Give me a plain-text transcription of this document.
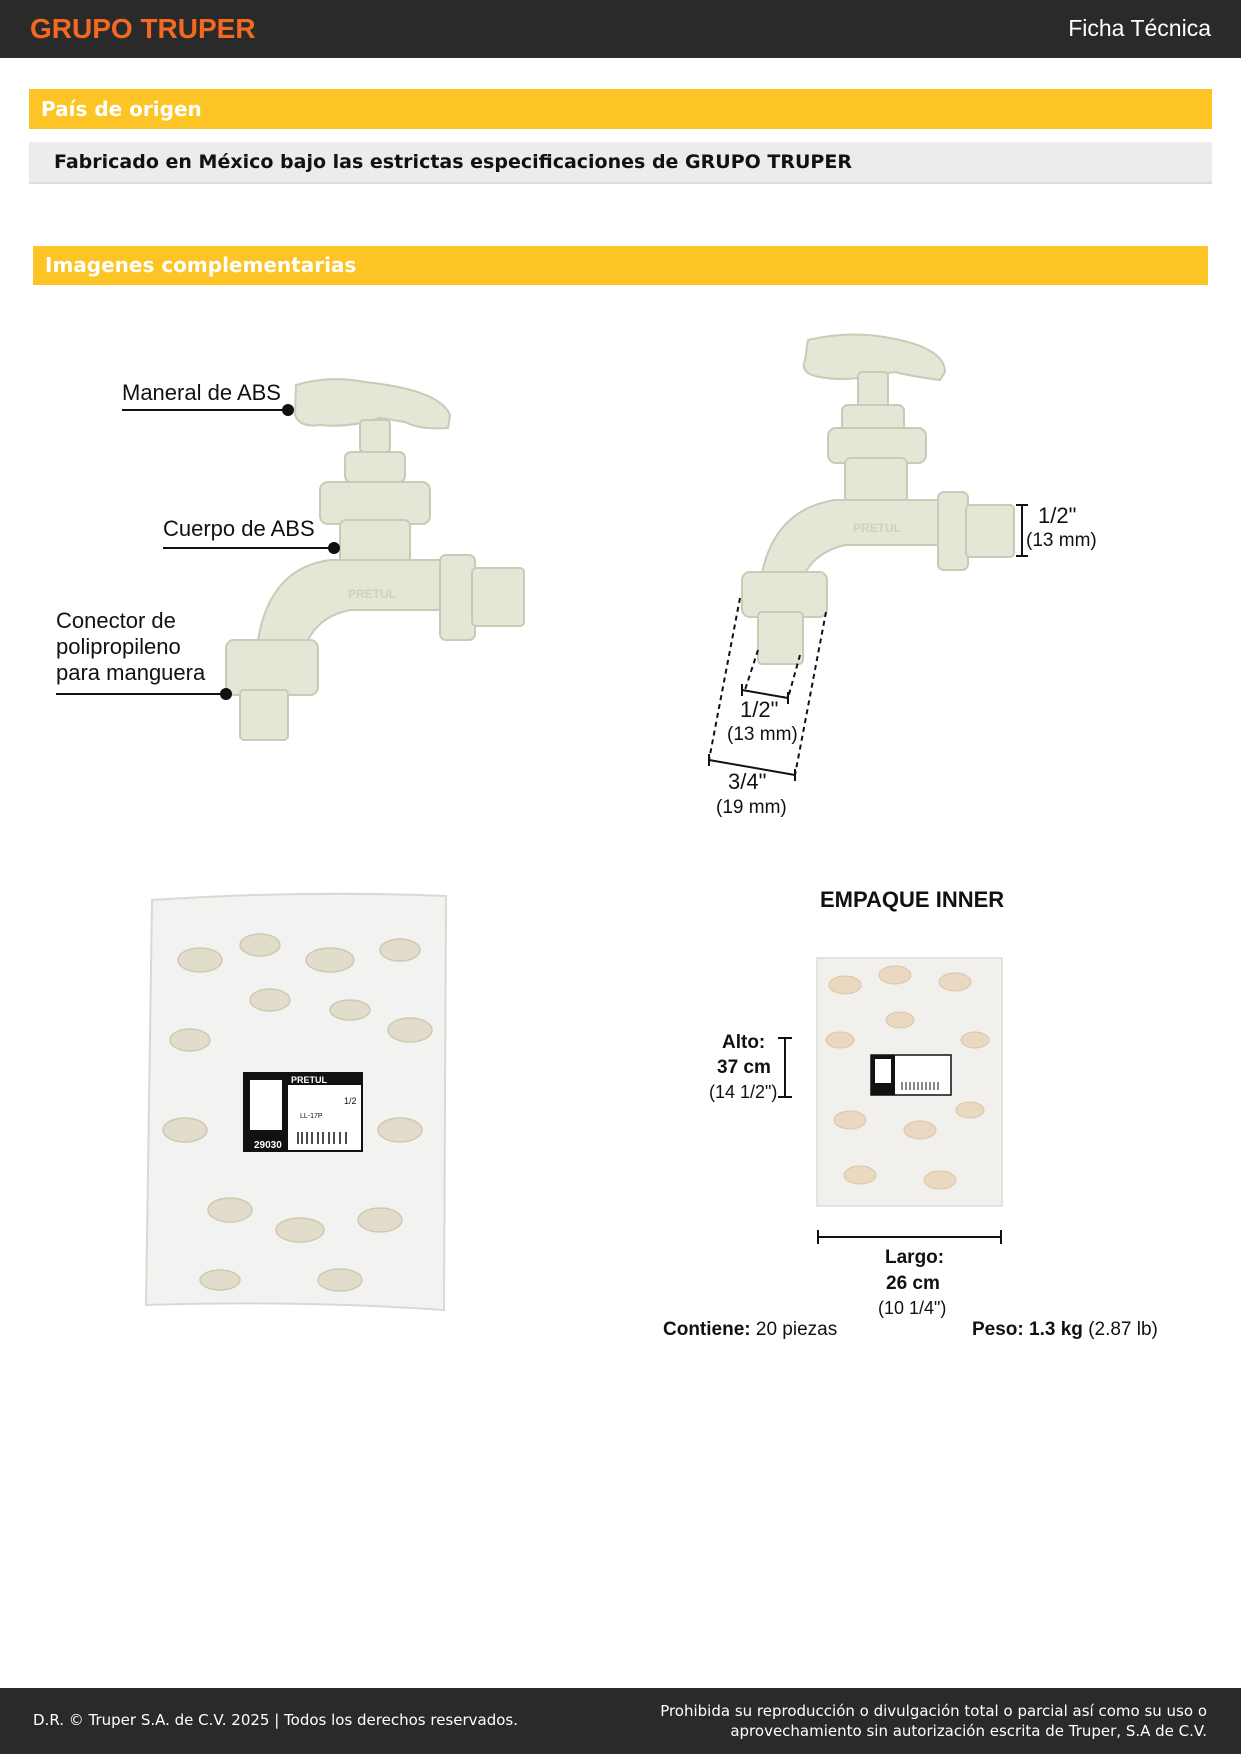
GRUPO TRUPER	Ficha Técnica
País de origen
Fabricado en México bajo las estrictas especificaciones de GRUPO TRUPER
Imagenes complementarias
PRETUL
Maneral de ABS
Cuerpo de ABS
Conector de
polipropileno
para manguera
PRETUL	1/2"
(13 mm)
1/2"
(13 mm)
3/4"
(19 mm)
PRETUL
29030
1/2
LL-17P
EMPAQUE INNER
Alto:
37 cm
(14 1/2")
Largo:
26 cm
(10 1/4")
Contiene: 20 piezas	Peso: 1.3 kg (2.87 lb)
D.R. © Truper S.A. de C.V. 2025 | Todos los derechos reservados.	Prohibida su reproducción o divulgación total o parcial así como su uso o
aprovechamiento sin autorización escrita de Truper, S.A de C.V.
